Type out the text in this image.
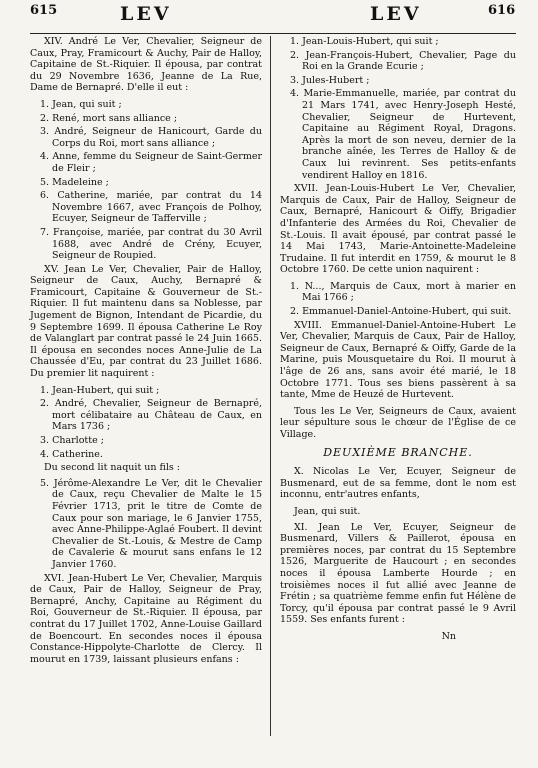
615	LEV	LEV	616

XIV. André Le Ver, Chevalier, Seigneur de Caux, Pray, Framicourt & Auchy, Pair de Halloy, Capitaine de St.-Riquier. Il épousa, par contrat du 29 Novembre 1636, Jeanne de La Rue, Dame de Bernapré. D'elle il eut :

1. Jean, qui suit ;

2. René, mort sans alliance ;

3. André, Seigneur de Hanicourt, Garde du Corps du Roi, mort sans alliance ;

4. Anne, femme du Seigneur de Saint-Germer de Fleir ;

5. Madeleine ;

6. Catherine, mariée, par contrat du 14 Novembre 1667, avec François de Polhoy, Ecuyer, Seigneur de Tafferville ;

7. Françoise, mariée, par contrat du 30 Avril 1688, avec André de Crény, Ecuyer, Seigneur de Roupied.

XV. Jean Le Ver, Chevalier, Pair de Halloy, Seigneur de Caux, Auchy, Bernapré & Framicourt, Capitaine & Gouverneur de St.-Riquier. Il fut maintenu dans sa Noblesse, par Jugement de Bignon, Intendant de Picardie, du 9 Septembre 1699. Il épousa Catherine Le Roy de Valanglart par contrat passé le 24 Juin 1665. Il épousa en secondes noces Anne-Julie de La Chaussée d'Eu, par contrat du 23 Juillet 1686. Du premier lit naquirent :

1. Jean-Hubert, qui suit ;

2. André, Chevalier, Seigneur de Bernapré, mort célibataire au Château de Caux, en Mars 1736 ;

3. Charlotte ;

4. Catherine.

Du second lit naquit un fils :

5. Jérôme-Alexandre Le Ver, dit le Chevalier de Caux, reçu Chevalier de Malte le 15 Février 1713, prit le titre de Comte de Caux pour son mariage, le 6 Janvier 1755, avec Anne-Philippe-Aglaé Foubert. Il devint Chevalier de St.-Louis, & Mestre de Camp de Cavalerie & mourut sans enfans le 12 Janvier 1760.

XVI. Jean-Hubert Le Ver, Chevalier, Marquis de Caux, Pair de Halloy, Seigneur de Pray, Bernapré, Anchy, Capitaine au Régiment du Roi, Gouverneur de St.-Riquier. Il épousa, par contrat du 17 Juillet 1702, Anne-Louise Gaillard de Boencourt. En secondes noces il épousa Constance-Hippolyte-Charlotte de Clercy. Il mourut en 1739, laissant plusieurs enfans :

1. Jean-Louis-Hubert, qui suit ;

2. Jean-François-Hubert, Chevalier, Page du Roi en la Grande Ecurie ;

3. Jules-Hubert ;

4. Marie-Emmanuelle, mariée, par contrat du 21 Mars 1741, avec Henry-Joseph Hesté, Chevalier, Seigneur de Hurtevent, Capitaine au Régiment Royal, Dragons. Après la mort de son neveu, dernier de la branche aînée, les Terres de Halloy & de Caux lui revinrent. Ses petits-enfants vendirent Halloy en 1816.

XVII. Jean-Louis-Hubert Le Ver, Chevalier, Marquis de Caux, Pair de Halloy, Seigneur de Caux, Bernapré, Hanicourt & Oiffy, Brigadier d'Infanterie des Armées du Roi, Chevalier de St.-Louis. Il avait épousé, par contrat passé le 14 Mai 1743, Marie-Antoinette-Madeleine Trudaine. Il fut interdit en 1759, & mourut le 8 Octobre 1760. De cette union naquirent :

1. N..., Marquis de Caux, mort à marier en Mai 1766 ;

2. Emmanuel-Daniel-Antoine-Hubert, qui suit.

XVIII. Emmanuel-Daniel-Antoine-Hubert Le Ver, Chevalier, Marquis de Caux, Pair de Halloy, Seigneur de Caux, Bernapré & Oiffy, Garde de la Marine, puis Mousquetaire du Roi. Il mourut à l'âge de 26 ans, sans avoir été marié, le 18 Octobre 1771. Tous ses biens passèrent à sa tante, Mme de Heuzé de Hurtevent.

Tous les Le Ver, Seigneurs de Caux, avaient leur sépulture sous le chœur de l'Église de ce Village.

DEUXIÈME BRANCHE.

X. Nicolas Le Ver, Ecuyer, Seigneur de Busmenard, eut de sa femme, dont le nom est inconnu, entr'autres enfants,

Jean, qui suit.

XI. Jean Le Ver, Ecuyer, Seigneur de Busmenard, Villers & Paillerot, épousa en premières noces, par contrat du 15 Septembre 1526, Marguerite de Haucourt ; en secondes noces il épousa Lamberte Hourde ; en troisièmes noces il fut allié avec Jeanne de Frétin ; sa quatrième femme enfin fut Hélène de Torcy, qu'il épousa par contrat passé le 9 Avril 1559. Ses enfants furent :

Nn
